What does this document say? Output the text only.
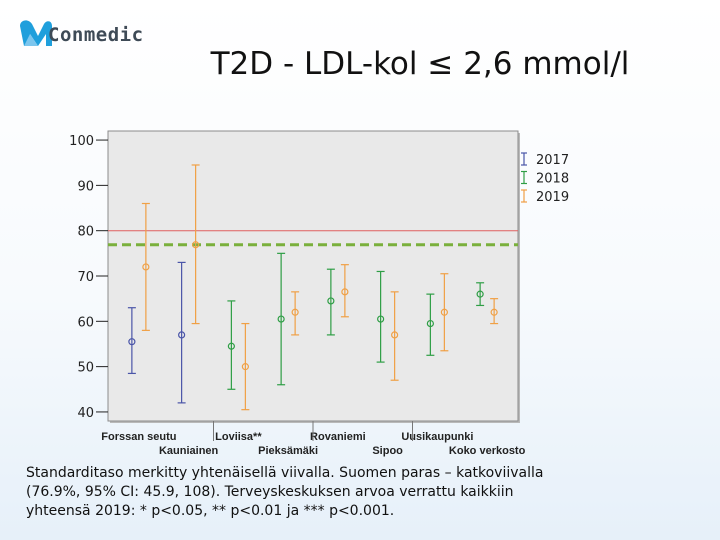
Conmedic
T2D - LDL-kol ≤ 2,6 mmol/l
40
50
60
70
80
90
100
Forssan seutu
Kauniainen
Loviisa**
Pieksämäki
Rovaniemi
Sipoo
Uusikaupunki
Koko verkosto
2017
2018
2019
Standarditaso merkitty yhtenäisellä viivalla. Suomen paras – katkoviivalla
(76.9%, 95% CI: 45.9, 108). Terveyskeskuksen arvoa verrattu kaikkiin
yhteensä 2019: * p<0.05, ** p<0.01 ja *** p<0.001.
